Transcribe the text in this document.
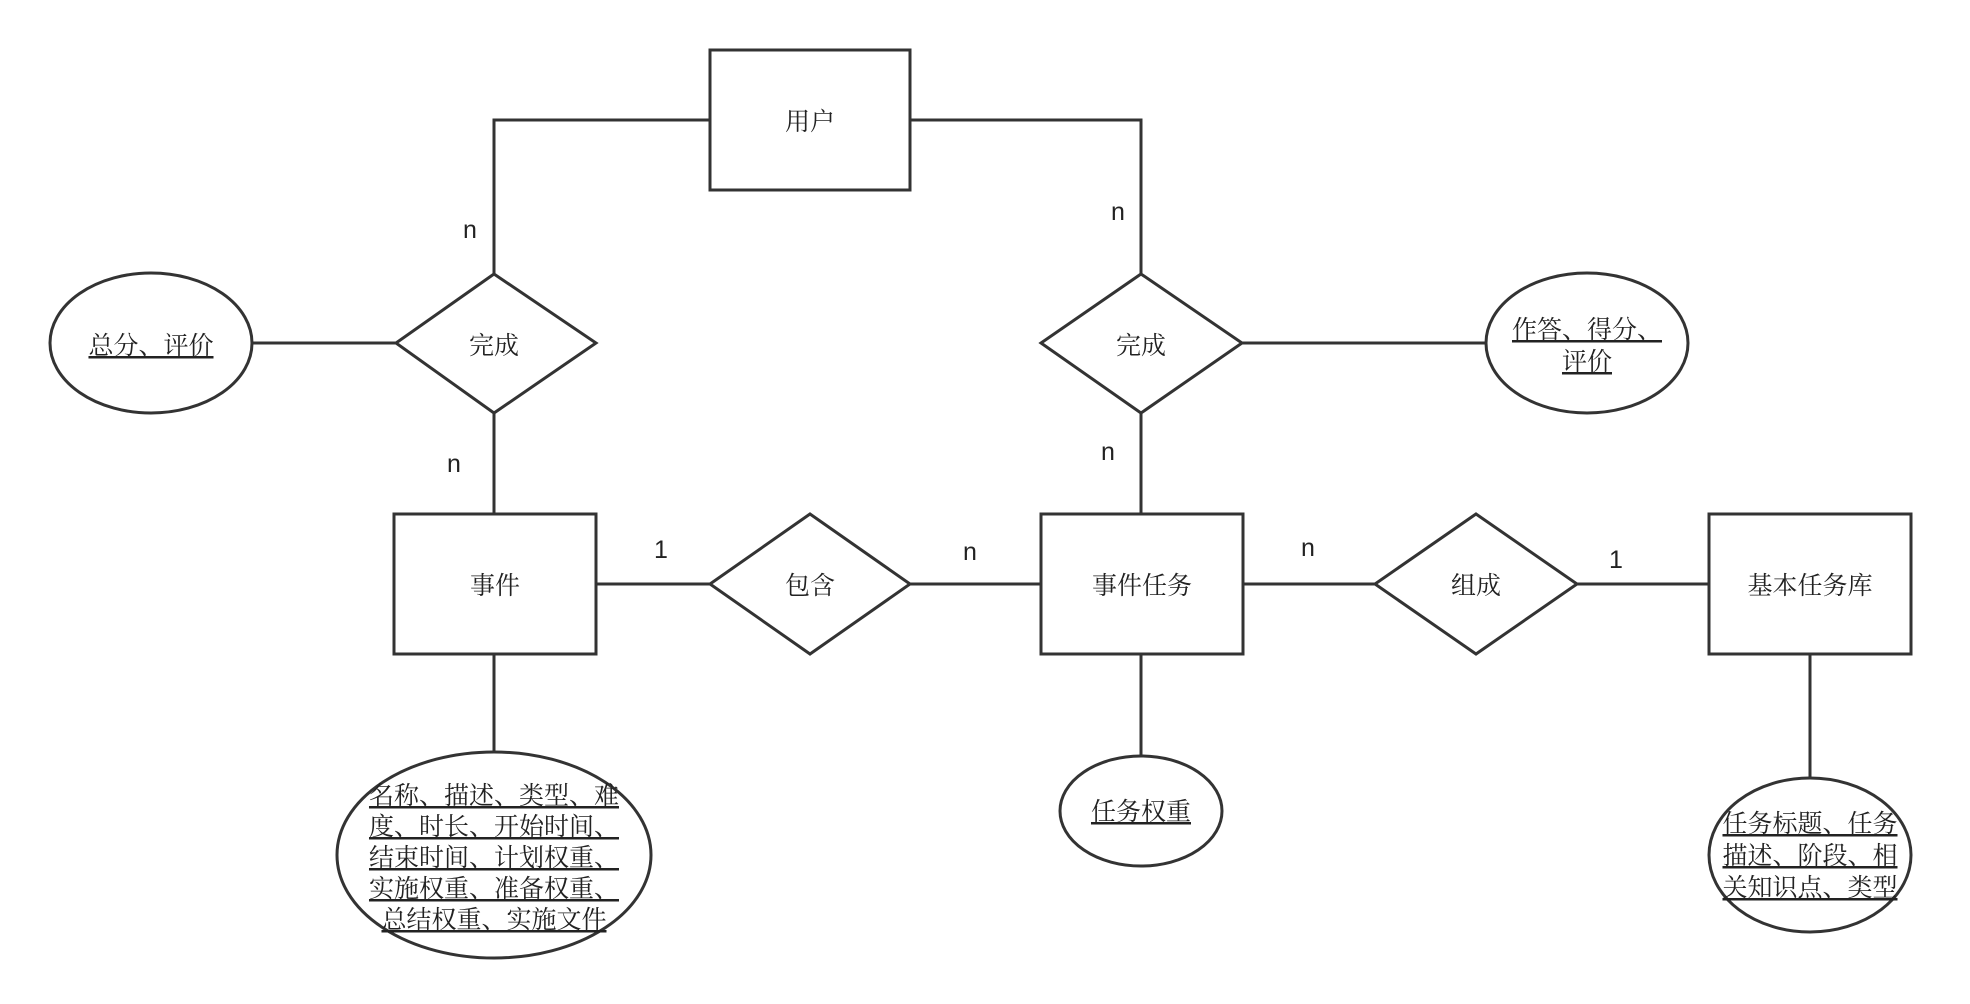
用户
事件	事件任务	基本任务库
完成	完成
包含	组成
总分、评价
作答、得分、
评价
名称、描述、类型、难
度、时长、开始时间、
结束时间、计划权重、
实施权重、准备权重、
总结权重、实施文件
任务权重	任务标题、任务
描述、阶段、相
关知识点、类型
n
n
n	n
1	n	n	1
